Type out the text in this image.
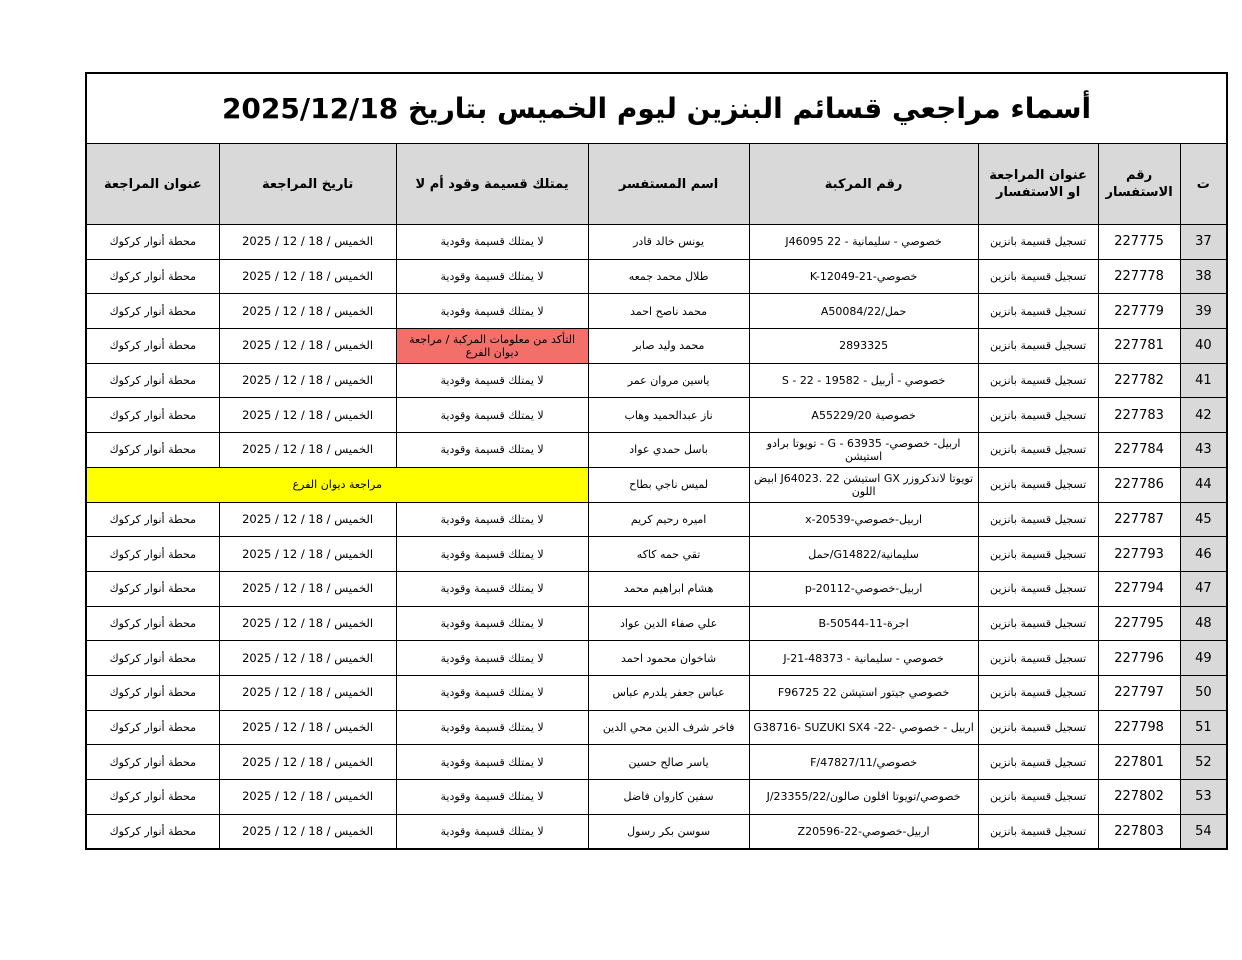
أسماء مراجعي قسائم البنزين ليوم الخميس بتاريخ 2025/12/18							
ت	رقم الاستفسار	عنوان المراجعة او الاستفسار	رقم المركبة	اسم المستفسر	يمتلك قسيمة وقود أم لا	تاريخ المراجعة	عنوان المراجعة
37	227775	تسجيل قسيمة بانزين	خصوصي - سليمانية - 22 J46095	يونس خالد قادر	لا يمتلك قسيمة وقودية	الخميس / 18 / 12 / 2025	محطة أنوار كركوك
38	227778	تسجيل قسيمة بانزين	خصوصي-21-K-12049	طلال محمد جمعه	لا يمتلك قسيمة وقودية	الخميس / 18 / 12 / 2025	محطة أنوار كركوك
39	227779	تسجيل قسيمة بانزين	حمل/22/A50084	محمد ناصح احمد	لا يمتلك قسيمة وقودية	الخميس / 18 / 12 / 2025	محطة أنوار كركوك
40	227781	تسجيل قسيمة بانزين	2893325	محمد وليد صابر	التأكد من معلومات المركبة / مراجعة ديوان الفرع	الخميس / 18 / 12 / 2025	محطة أنوار كركوك
41	227782	تسجيل قسيمة بانزين	خصوصي - أربيل - 19582 - 22 - S	ياسين مروان عمر	لا يمتلك قسيمة وقودية	الخميس / 18 / 12 / 2025	محطة أنوار كركوك
42	227783	تسجيل قسيمة بانزين	خصوصية 20/A55229	ناز عبدالحميد وهاب	لا يمتلك قسيمة وقودية	الخميس / 18 / 12 / 2025	محطة أنوار كركوك
43	227784	تسجيل قسيمة بانزين	اربيل- خصوصي- G - 63935 - تويوتا برادو استيشن	باسل حمدي عواد	لا يمتلك قسيمة وقودية	الخميس / 18 / 12 / 2025	محطة أنوار كركوك
44	227786	تسجيل قسيمة بانزين	تويوتا لاندكروزر GX استيشن 22 .J64023 ابيض اللون	لميس ناجي بطاح	مراجعة ديوان الفرع		
45	227787	تسجيل قسيمة بانزين	اربيل-خصوصي-20539-x	اميره رحيم كريم	لا يمتلك قسيمة وقودية	الخميس / 18 / 12 / 2025	محطة أنوار كركوك
46	227793	تسجيل قسيمة بانزين	سليمانية/G14822/حمل	تقي حمه كاكه	لا يمتلك قسيمة وقودية	الخميس / 18 / 12 / 2025	محطة أنوار كركوك
47	227794	تسجيل قسيمة بانزين	اربيل-خصوصي-20112-p	هشام ابراهيم محمد	لا يمتلك قسيمة وقودية	الخميس / 18 / 12 / 2025	محطة أنوار كركوك
48	227795	تسجيل قسيمة بانزين	اجرة-11-B-50544	علي صفاء الدين عواد	لا يمتلك قسيمة وقودية	الخميس / 18 / 12 / 2025	محطة أنوار كركوك
49	227796	تسجيل قسيمة بانزين	خصوصي - سليمانية - J-21-48373	شاخوان محمود احمد	لا يمتلك قسيمة وقودية	الخميس / 18 / 12 / 2025	محطة أنوار كركوك
50	227797	تسجيل قسيمة بانزين	خصوصي جيتور استيشن F96725 22	عباس جعفر يلدرم عباس	لا يمتلك قسيمة وقودية	الخميس / 18 / 12 / 2025	محطة أنوار كركوك
51	227798	تسجيل قسيمة بانزين	اربيل - خصوصي -22- G38716- SUZUKI SX4	فاخر شرف الدين محي الدين	لا يمتلك قسيمة وقودية	الخميس / 18 / 12 / 2025	محطة أنوار كركوك
52	227801	تسجيل قسيمة بانزين	خصوصي/11/F/47827	ياسر صالح حسين	لا يمتلك قسيمة وقودية	الخميس / 18 / 12 / 2025	محطة أنوار كركوك
53	227802	تسجيل قسيمة بانزين	خصوصي/تويوتا افلون صالون/22/J/23355	سفين كاروان فاضل	لا يمتلك قسيمة وقودية	الخميس / 18 / 12 / 2025	محطة أنوار كركوك
54	227803	تسجيل قسيمة بانزين	اربيل-خصوصي-22-Z20596	سوسن بكر رسول	لا يمتلك قسيمة وقودية	الخميس / 18 / 12 / 2025	محطة أنوار كركوك
